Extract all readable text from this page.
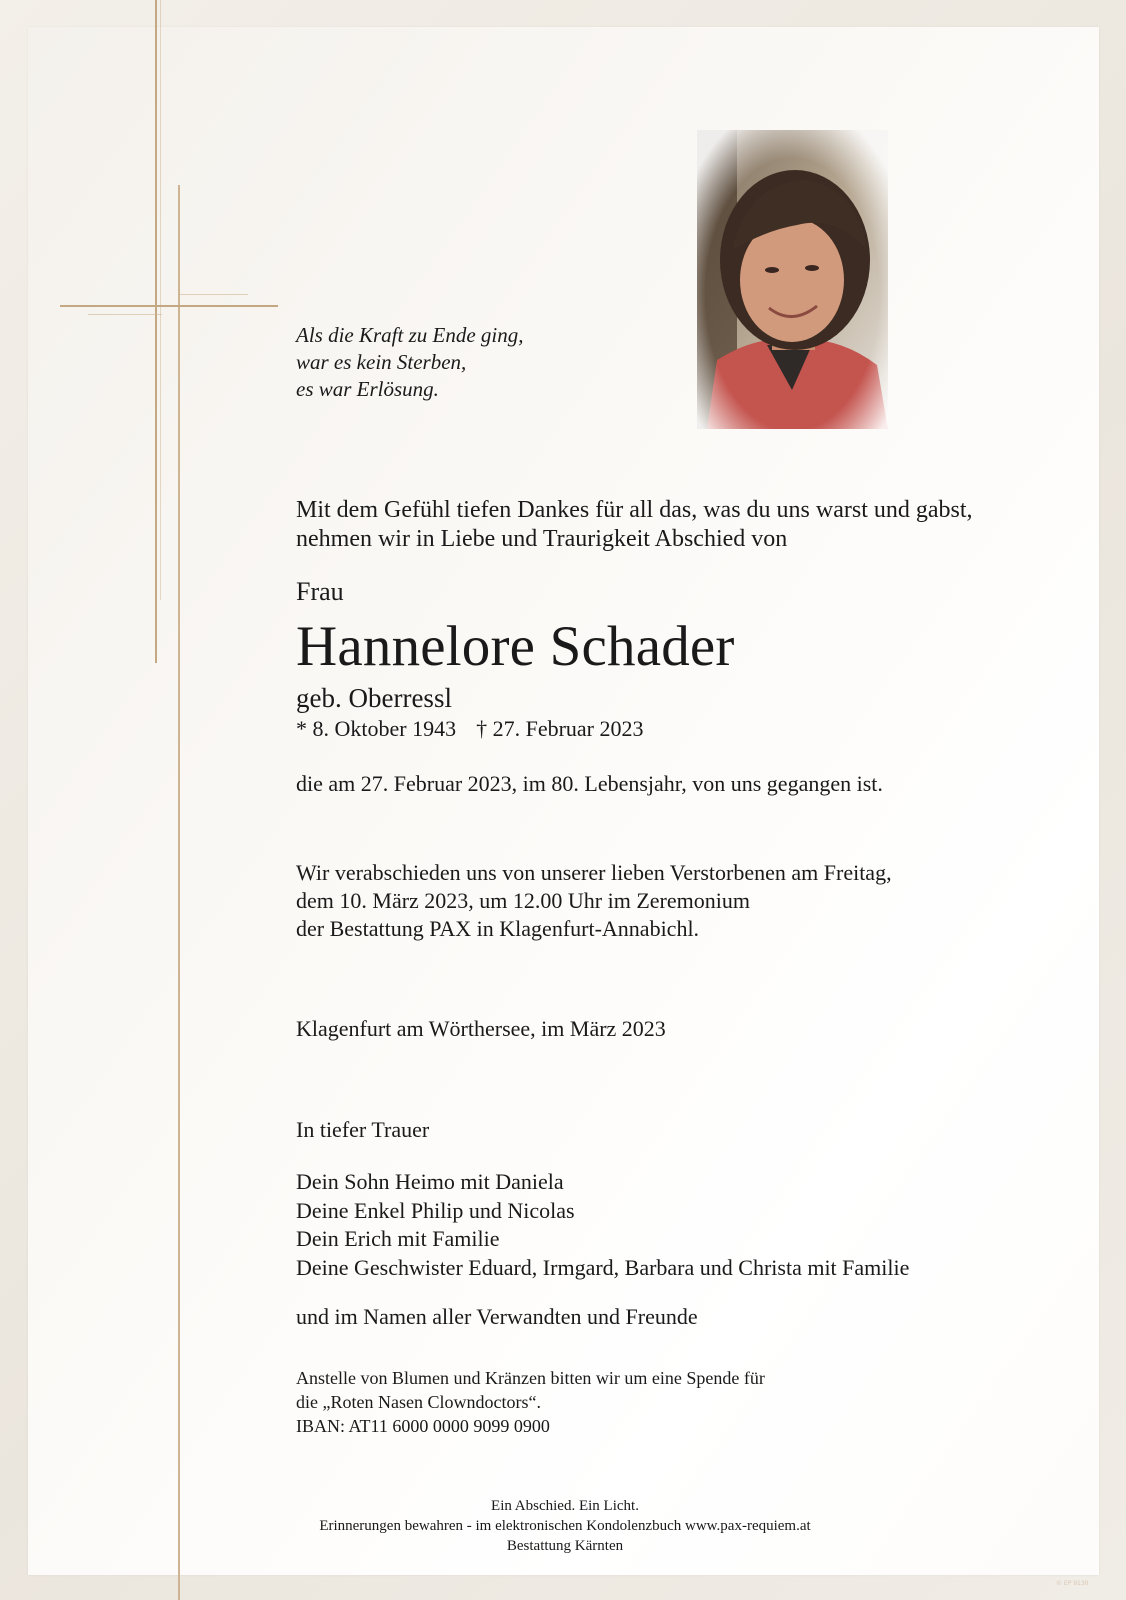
Als die Kraft zu Ende ging,
war es kein Sterben,
es war Erlösung.
Mit dem Gefühl tiefen Dankes für all das, was du uns warst und gabst,
nehmen wir in Liebe und Traurigkeit Abschied von
Frau
Hannelore Schader
geb. Oberressl
* 8. Oktober 1943 † 27. Februar 2023
die am 27. Februar 2023, im 80. Lebensjahr, von uns gegangen ist.
Wir verabschieden uns von unserer lieben Verstorbenen am Freitag,
dem 10. März 2023, um 12.00 Uhr im Zeremonium
der Bestattung PAX in Klagenfurt-Annabichl.
Klagenfurt am Wörthersee, im März 2023
In tiefer Trauer
Dein Sohn Heimo mit Daniela
Deine Enkel Philip und Nicolas
Dein Erich mit Familie
Deine Geschwister Eduard, Irmgard, Barbara und Christa mit Familie
und im Namen aller Verwandten und Freunde
Anstelle von Blumen und Kränzen bitten wir um eine Spende für
die „Roten Nasen Clowndoctors“.
IBAN: AT11 6000 0000 9099 0900
Ein Abschied. Ein Licht.
Erinnerungen bewahren - im elektronischen Kondolenzbuch www.pax-requiem.at
Bestattung Kärnten
© EP 9130
